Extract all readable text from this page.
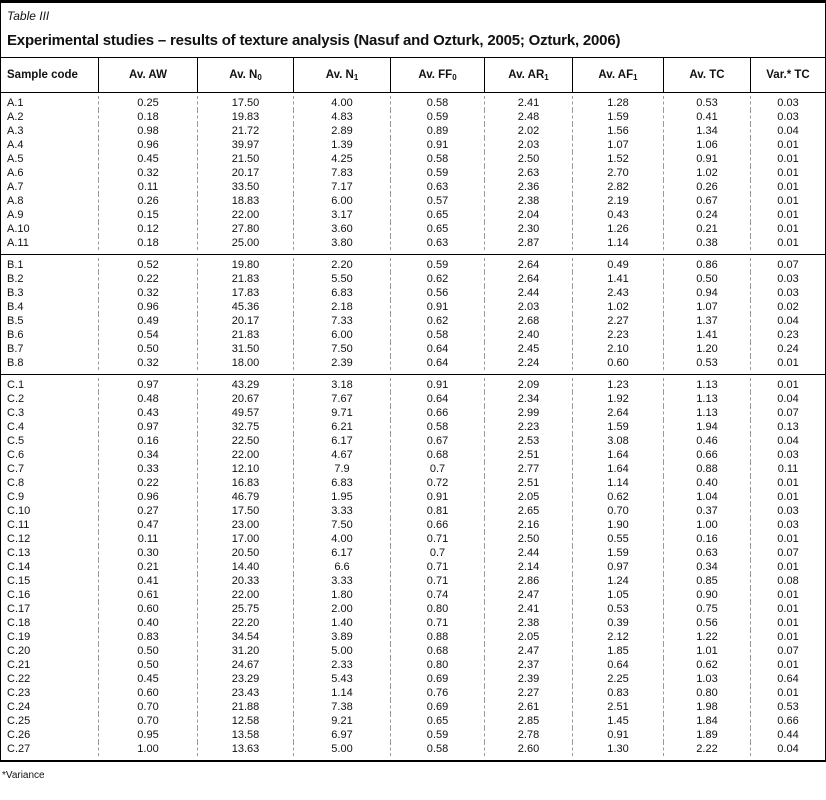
Table III
Experimental studies – results of texture analysis (Nasuf and Ozturk, 2005; Ozturk, 2006)
Sample code	Av. AW	Av. $N_0$	Av. $N_1$	Av. $FF_0$	Av. $AR_1$	Av. $AF_1$	Av. TC	Var.* TC
A.1	0.25	17.50	4.00	0.58	2.41	1.28	0.53	0.03
A.2	0.18	19.83	4.83	0.59	2.48	1.59	0.41	0.03
A.3	0.98	21.72	2.89	0.89	2.02	1.56	1.34	0.04
A.4	0.96	39.97	1.39	0.91	2.03	1.07	1.06	0.01
A.5	0.45	21.50	4.25	0.58	2.50	1.52	0.91	0.01
A.6	0.32	20.17	7.83	0.59	2.63	2.70	1.02	0.01
A.7	0.11	33.50	7.17	0.63	2.36	2.82	0.26	0.01
A.8	0.26	18.83	6.00	0.57	2.38	2.19	0.67	0.01
A.9	0.15	22.00	3.17	0.65	2.04	0.43	0.24	0.01
A.10	0.12	27.80	3.60	0.65	2.30	1.26	0.21	0.01
A.11	0.18	25.00	3.80	0.63	2.87	1.14	0.38	0.01
B.1	0.52	19.80	2.20	0.59	2.64	0.49	0.86	0.07
B.2	0.22	21.83	5.50	0.62	2.64	1.41	0.50	0.03
B.3	0.32	17.83	6.83	0.56	2.44	2.43	0.94	0.03
B.4	0.96	45.36	2.18	0.91	2.03	1.02	1.07	0.02
B.5	0.49	20.17	7.33	0.62	2.68	2.27	1.37	0.04
B.6	0.54	21.83	6.00	0.58	2.40	2.23	1.41	0.23
B.7	0.50	31.50	7.50	0.64	2.45	2.10	1.20	0.24
B.8	0.32	18.00	2.39	0.64	2.24	0.60	0.53	0.01
C.1	0.97	43.29	3.18	0.91	2.09	1.23	1.13	0.01
C.2	0.48	20.67	7.67	0.64	2.34	1.92	1.13	0.04
C.3	0.43	49.57	9.71	0.66	2.99	2.64	1.13	0.07
C.4	0.97	32.75	6.21	0.58	2.23	1.59	1.94	0.13
C.5	0.16	22.50	6.17	0.67	2.53	3.08	0.46	0.04
C.6	0.34	22.00	4.67	0.68	2.51	1.64	0.66	0.03
C.7	0.33	12.10	7.9	0.7	2.77	1.64	0.88	0.11
C.8	0.22	16.83	6.83	0.72	2.51	1.14	0.40	0.01
C.9	0.96	46.79	1.95	0.91	2.05	0.62	1.04	0.01
C.10	0.27	17.50	3.33	0.81	2.65	0.70	0.37	0.03
C.11	0.47	23.00	7.50	0.66	2.16	1.90	1.00	0.03
C.12	0.11	17.00	4.00	0.71	2.50	0.55	0.16	0.01
C.13	0.30	20.50	6.17	0.7	2.44	1.59	0.63	0.07
C.14	0.21	14.40	6.6	0.71	2.14	0.97	0.34	0.01
C.15	0.41	20.33	3.33	0.71	2.86	1.24	0.85	0.08
C.16	0.61	22.00	1.80	0.74	2.47	1.05	0.90	0.01
C.17	0.60	25.75	2.00	0.80	2.41	0.53	0.75	0.01
C.18	0.40	22.20	1.40	0.71	2.38	0.39	0.56	0.01
C.19	0.83	34.54	3.89	0.88	2.05	2.12	1.22	0.01
C.20	0.50	31.20	5.00	0.68	2.47	1.85	1.01	0.07
C.21	0.50	24.67	2.33	0.80	2.37	0.64	0.62	0.01
C.22	0.45	23.29	5.43	0.69	2.39	2.25	1.03	0.64
C.23	0.60	23.43	1.14	0.76	2.27	0.83	0.80	0.01
C.24	0.70	21.88	7.38	0.69	2.61	2.51	1.98	0.53
C.25	0.70	12.58	9.21	0.65	2.85	1.45	1.84	0.66
C.26	0.95	13.58	6.97	0.59	2.78	0.91	1.89	0.44
C.27	1.00	13.63	5.00	0.58	2.60	1.30	2.22	0.04
*Variance
